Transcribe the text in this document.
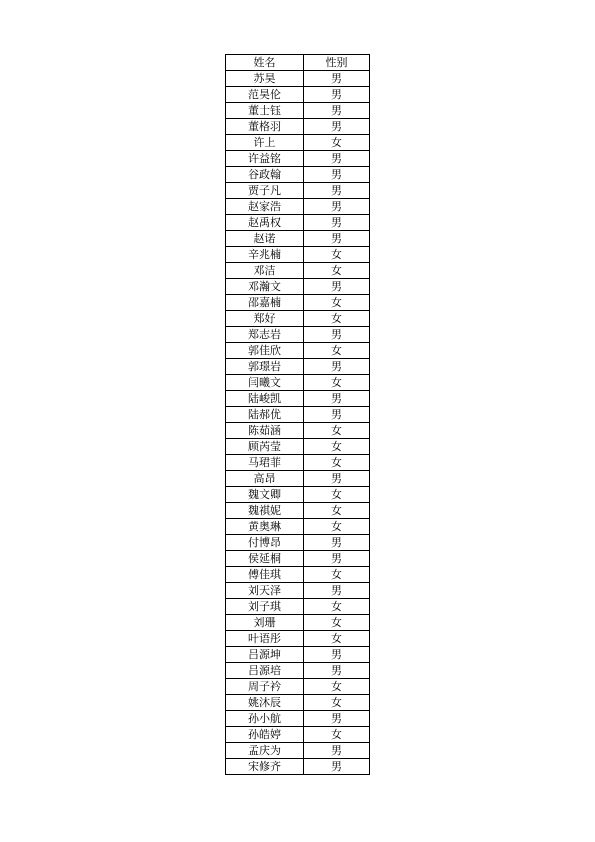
姓名	性别
苏昊	男
范昊伦	男
董士钰	男
董格羽	男
许上	女
许益铭	男
谷政翰	男
贾子凡	男
赵家浩	男
赵禹权	男
赵诺	男
辛兆楠	女
邓洁	女
邓瀚文	男
邵嘉楠	女
郑好	女
郑志岩	男
郭佳欣	女
郭璟岩	男
闫曦文	女
陆峻凯	男
陆郝优	男
陈茹涵	女
顾芮莹	女
马珺菲	女
高昂	男
魏文卿	女
魏祺妮	女
黄奥琳	女
付博昂	男
侯延桐	男
傅佳琪	女
刘天泽	男
刘子琪	女
刘珊	女
叶语彤	女
吕源坤	男
吕源培	男
周子衿	女
姚沐辰	女
孙小航	男
孙皓婷	女
孟庆为	男
宋修齐	男
